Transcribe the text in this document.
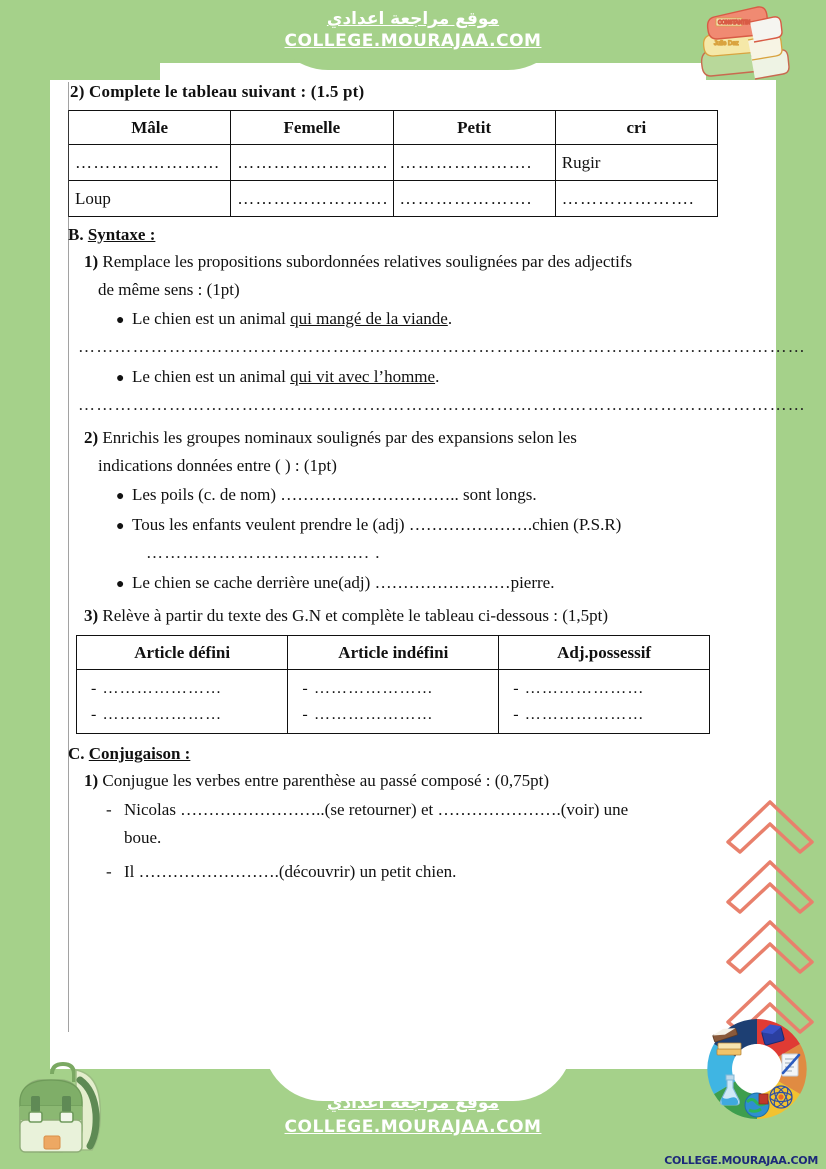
2) Complete le tableau suivant : (1.5 pt)
Mâle	Femelle	Petit	cri
……………………	…………………….	………………….	Rugir
Loup	…………………….	………………….	………………….
B. Syntaxe :
1) Remplace les propositions subordonnées relatives soulignées par des adjectifs
de même sens : (1pt)
● Le chien est un animal qui mangé de la viande.
…………………………………………………………………………………………………………
● Le chien est un animal qui vit avec l’homme.
…………………………………………………………………………………………………………
2) Enrichis les groupes nominaux soulignés par des expansions selon les
indications données entre ( ) : (1pt)
● Les poils (c. de nom) ………………………….. sont longs.
● Tous les enfants veulent prendre le (adj) ………………….chien (P.S.R)
………………………………. .
● Le chien se cache derrière une(adj) ……………………pierre.
3) Relève à partir du texte des G.N et complète le tableau ci-dessous : (1,5pt)
Article défini	Article indéfini	Adj.possessif

- …………………
- …………………

- …………………
- …………………

- …………………
- …………………
C. Conjugaison :
1) Conjugue les verbes entre parenthèse au passé composé : (0,75pt)
- Nicolas ……………………..(se retourner) et ………………….(voir) une
boue.
- Il …………………….(découvrir) un petit chien.
موقع مراجعة اعدادي
COLLEGE.MOURAJAA.COM
موقع مراجعة اعدادي
COLLEGE.MOURAJAA.COM
Julie Dez
CONSTANTIN
COLLEGE.MOURAJAA.COM
